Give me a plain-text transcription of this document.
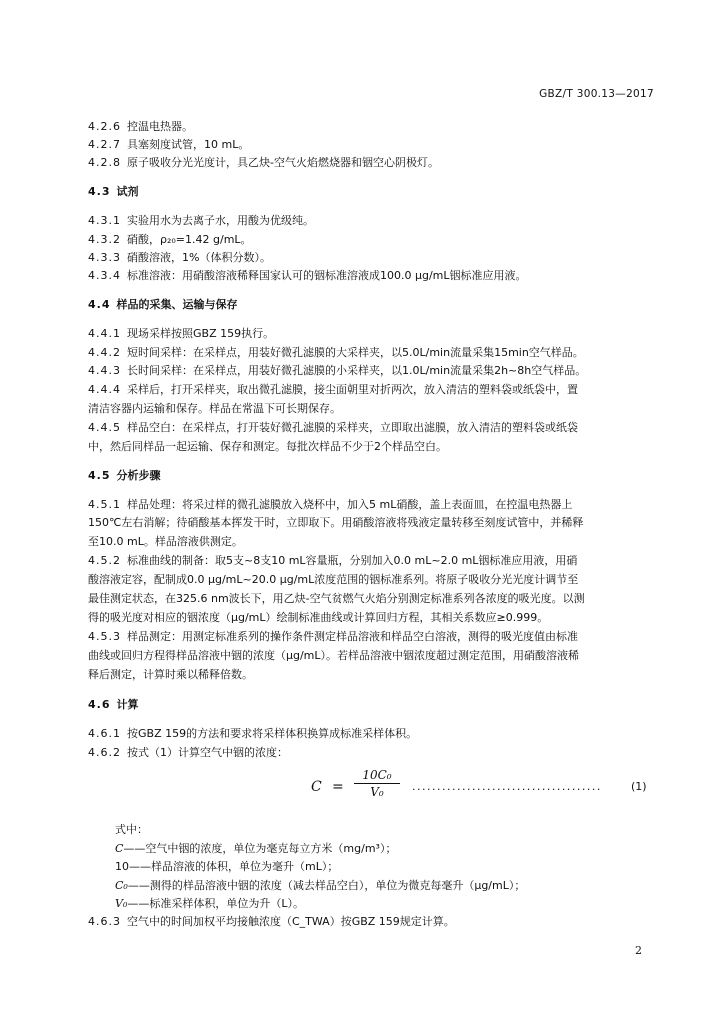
GBZ/T 300.13—2017
4.2.6 控温电热器。
4.2.7 具塞刻度试管，10 mL。
4.2.8 原子吸收分光光度计，具乙炔-空气火焰燃烧器和铟空心阴极灯。
4.3 试剂
4.3.1 实验用水为去离子水，用酸为优级纯。
4.3.2 硝酸，ρ₂₀=1.42 g/mL。
4.3.3 硝酸溶液，1%（体积分数）。
4.3.4 标准溶液：用硝酸溶液稀释国家认可的铟标准溶液成100.0 μg/mL铟标准应用液。
4.4 样品的采集、运输与保存
4.4.1 现场采样按照GBZ 159执行。
4.4.2 短时间采样：在采样点，用装好微孔滤膜的大采样夹，以5.0L/min流量采集15min空气样品。
4.4.3 长时间采样：在采样点，用装好微孔滤膜的小采样夹，以1.0L/min流量采集2h~8h空气样品。
4.4.4 采样后，打开采样夹，取出微孔滤膜，接尘面朝里对折两次，放入清洁的塑料袋或纸袋中，置
清洁容器内运输和保存。样品在常温下可长期保存。
4.4.5 样品空白：在采样点，打开装好微孔滤膜的采样夹，立即取出滤膜，放入清洁的塑料袋或纸袋
中，然后同样品一起运输、保存和测定。每批次样品不少于2个样品空白。
4.5 分析步骤
4.5.1 样品处理：将采过样的微孔滤膜放入烧杯中，加入5 mL硝酸，盖上表面皿，在控温电热器上
150℃左右消解；待硝酸基本挥发干时，立即取下。用硝酸溶液将残液定量转移至刻度试管中，并稀释
至10.0 mL。样品溶液供测定。
4.5.2 标准曲线的制备：取5支~8支10 mL容量瓶，分别加入0.0 mL~2.0 mL铟标准应用液，用硝
酸溶液定容，配制成0.0 μg/mL~20.0 μg/mL浓度范围的铟标准系列。将原子吸收分光光度计调节至
最佳测定状态，在325.6 nm波长下，用乙炔-空气贫燃气火焰分别测定标准系列各浓度的吸光度。以测
得的吸光度对相应的铟浓度（μg/mL）绘制标准曲线或计算回归方程，其相关系数应≥0.999。
4.5.3 样品测定：用测定标准系列的操作条件测定样品溶液和样品空白溶液，测得的吸光度值由标准
曲线或回归方程得样品溶液中铟的浓度（μg/mL）。若样品溶液中铟浓度超过测定范围，用硝酸溶液稀
释后测定，计算时乘以稀释倍数。
4.6 计算
4.6.1 按GBZ 159的方法和要求将采样体积换算成标准采样体积。
4.6.2 按式（1）计算空气中铟的浓度：
$C = \frac{\text{10C₀}}{\text{V₀}}$ ......................................	(1)
式中：
C——空气中铟的浓度，单位为毫克每立方米（mg/m³）；
10——样品溶液的体积，单位为毫升（mL）；
C₀——测得的样品溶液中铟的浓度（减去样品空白），单位为微克每毫升（μg/mL）；
V₀——标准采样体积，单位为升（L）。
4.6.3 空气中的时间加权平均接触浓度（C_TWA）按GBZ 159规定计算。
2
